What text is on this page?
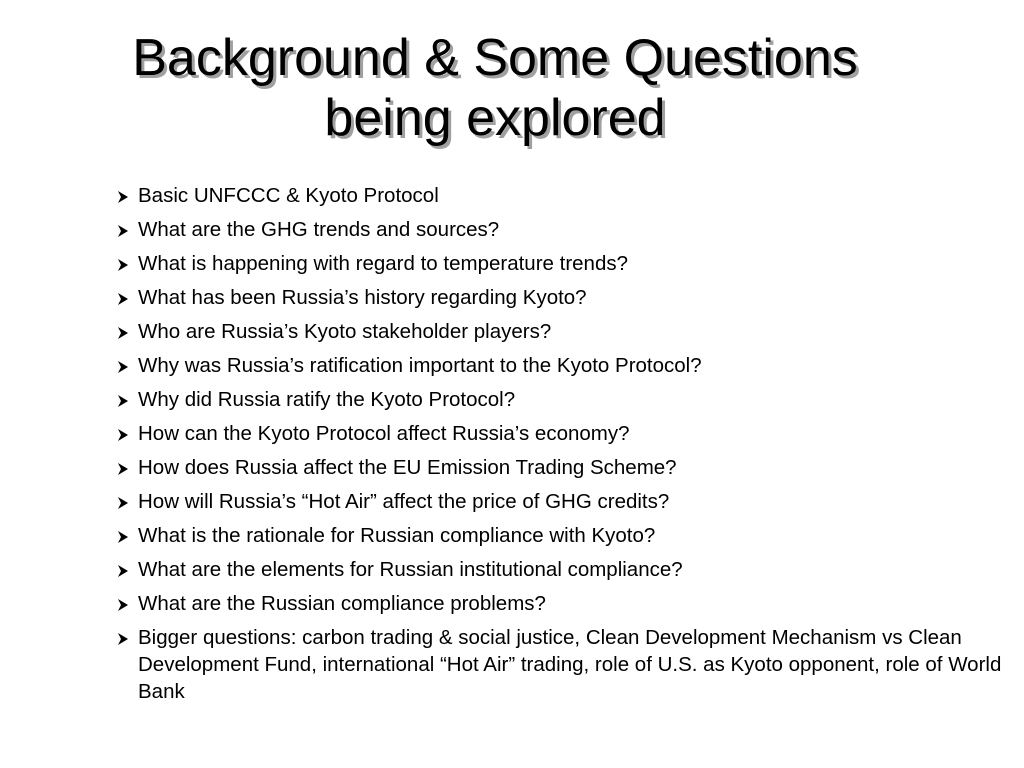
Background & Some Questions
being explored
Basic UNFCCC & Kyoto Protocol
What are the GHG trends and sources?
What is happening with regard to temperature trends?
What has been Russia’s history regarding Kyoto?
Who are Russia’s Kyoto stakeholder players?
Why was Russia’s ratification important to the Kyoto Protocol?
Why did Russia ratify the Kyoto Protocol?
How can the Kyoto Protocol affect Russia’s economy?
How does Russia affect the EU Emission Trading Scheme?
How will Russia’s “Hot Air” affect the price of GHG credits?
What is the rationale for Russian compliance with Kyoto?
What are the elements for Russian institutional compliance?
What are the Russian compliance problems?
Bigger questions: carbon trading & social justice, Clean Development Mechanism vs Clean Development Fund, international “Hot Air” trading, role of U.S. as Kyoto opponent, role of World Bank
